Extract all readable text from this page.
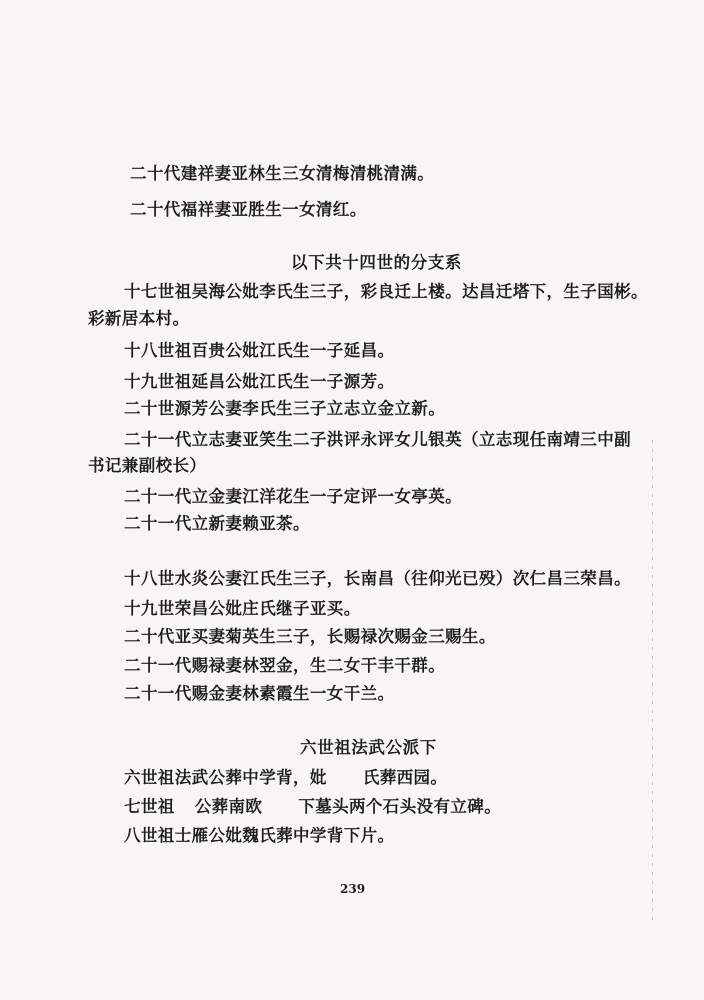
二十代建祥妻亚林生三女清梅清桃清满。
二十代福祥妻亚胜生一女清红。
以下共十四世的分支系
十七世祖吴海公妣李氏生三子，彩良迁上楼。达昌迁塔下，生子国彬。
彩新居本村。
十八世祖百贵公妣江氏生一子延昌。
十九世祖延昌公妣江氏生一子源芳。
二十世源芳公妻李氏生三子立志立金立新。
二十一代立志妻亚笑生二子洪评永评女儿银英（立志现任南靖三中副
书记兼副校长）
二十一代立金妻江洋花生一子定评一女亭英。
二十一代立新妻赖亚茶。
十八世水炎公妻江氏生三子，长南昌（往仰光已殁）次仁昌三荣昌。
十九世荣昌公妣庄氏继子亚买。
二十代亚买妻菊英生三子，长赐禄次赐金三赐生。
二十一代赐禄妻林翌金，生二女干丰干群。
二十一代赐金妻林素霞生一女干兰。
六世祖法武公派下
六世祖法武公葬中学背，妣 氏葬西园。
七世祖 公葬南欧 下墓头两个石头没有立碑。
八世祖士雁公妣魏氏葬中学背下片。
239
